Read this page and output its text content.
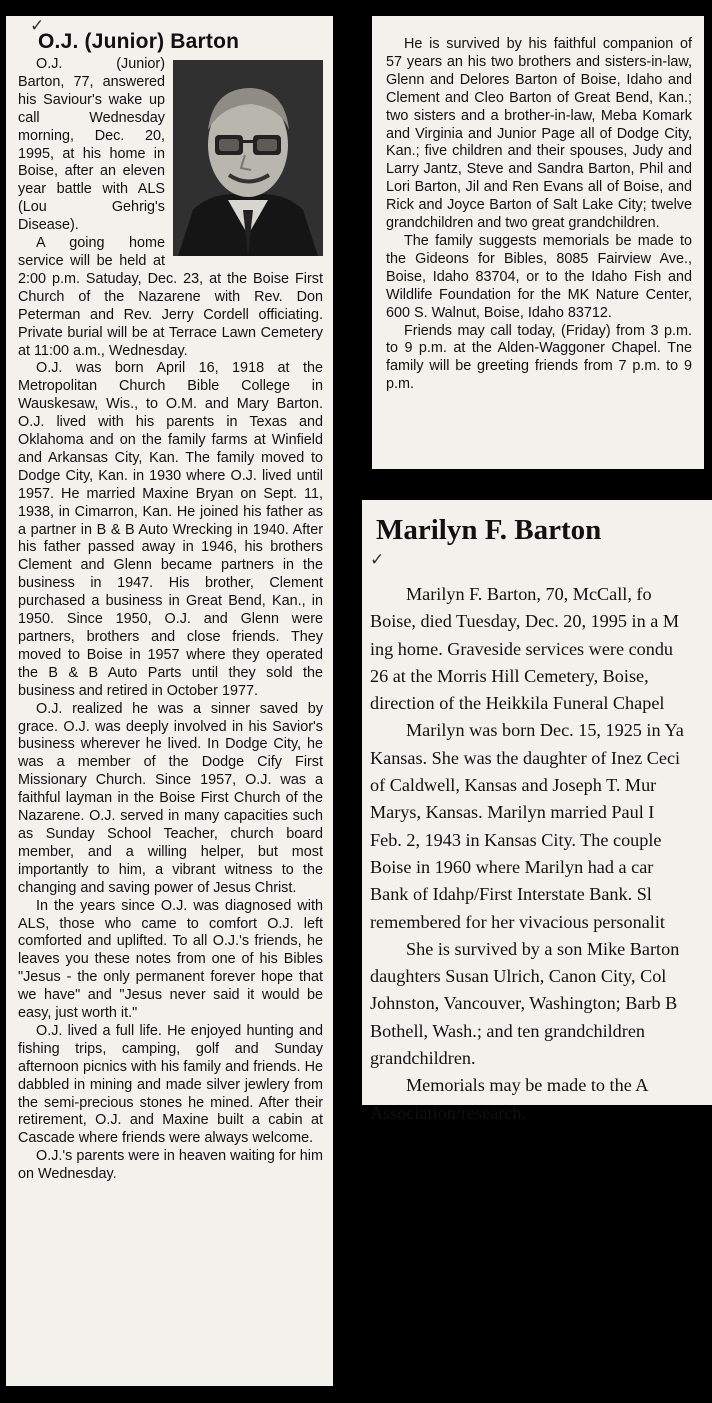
✓
O.J. (Junior) Barton

O.J. (Junior) Barton, 77, answered his Saviour's wake up call Wednesday morning, Dec. 20, 1995, at his home in Boise, after an eleven year battle with ALS (Lou Gehrig's Disease).

A going home service will be held at 2:00 p.m. Satuday, Dec. 23, at the Boise First Church of the Nazarene with Rev. Don Peterman and Rev. Jerry Cordell officiating. Private burial will be at Terrace Lawn Cemetery at 11:00 a.m., Wednesday.

O.J. was born April 16, 1918 at the Metropolitan Church Bible College in Wauskesaw, Wis., to O.M. and Mary Barton. O.J. lived with his parents in Texas and Oklahoma and on the family farms at Winfield and Arkansas City, Kan. The family moved to Dodge City, Kan. in 1930 where O.J. lived until 1957. He married Maxine Bryan on Sept. 11, 1938, in Cimarron, Kan. He joined his father as a partner in B & B Auto Wrecking in 1940. After his father passed away in 1946, his brothers Clement and Glenn became partners in the business in 1947. His brother, Clement purchased a business in Great Bend, Kan., in 1950. Since 1950, O.J. and Glenn were partners, brothers and close friends. They moved to Boise in 1957 where they operated the B & B Auto Parts until they sold the business and retired in October 1977.

O.J. realized he was a sinner saved by grace. O.J. was deeply involved in his Savior's business wherever he lived. In Dodge City, he was a member of the Dodge Cify First Missionary Church. Since 1957, O.J. was a faithful layman in the Boise First Church of the Nazarene. O.J. served in many capacities such as Sunday School Teacher, church board member, and a willing helper, but most importantly to him, a vibrant witness to the changing and saving power of Jesus Christ.

In the years since O.J. was diagnosed with ALS, those who came to comfort O.J. left comforted and uplifted. To all O.J.'s friends, he leaves you these notes from one of his Bibles "Jesus - the only permanent forever hope that we have" and "Jesus never said it would be easy, just worth it."

O.J. lived a full life. He enjoyed hunting and fishing trips, camping, golf and Sunday afternoon picnics with his family and friends. He dabbled in mining and made silver jewlery from the semi-precious stones he mined. After their retirement, O.J. and Maxine built a cabin at Cascade where friends were always welcome.

O.J.'s parents were in heaven waiting for him on Wednesday.

He is survived by his faithful companion of 57 years an his two brothers and sisters-in-law, Glenn and Delores Barton of Boise, Idaho and Clement and Cleo Barton of Great Bend, Kan.; two sisters and a brother-in-law, Meba Komark and Virginia and Junior Page all of Dodge City, Kan.; five children and their spouses, Judy and Larry Jantz, Steve and Sandra Barton, Phil and Lori Barton, Jil and Ren Evans all of Boise, and Rick and Joyce Barton of Salt Lake City; twelve grandchildren and two great grandchildren.

The family suggests memorials be made to the Gideons for Bibles, 8085 Fairview Ave., Boise, Idaho 83704, or to the Idaho Fish and Wildlife Foundation for the MK Nature Center, 600 S. Walnut, Boise, Idaho 83712.

Friends may call today, (Friday) from 3 p.m. to 9 p.m. at the Alden-Waggoner Chapel. Tne family will be greeting friends from 7 p.m. to 9 p.m.

Marilyn F. Barton
✓

Marilyn F. Barton, 70, McCall, fo

Boise, died Tuesday, Dec. 20, 1995 in a M

ing home. Graveside services were condu

26 at the Morris Hill Cemetery, Boise,

direction of the Heikkila Funeral Chapel

Marilyn was born Dec. 15, 1925 in Ya

Kansas. She was the daughter of Inez Ceci

of Caldwell, Kansas and Joseph T. Mur

Marys, Kansas. Marilyn married Paul I

Feb. 2, 1943 in Kansas City. The couple

Boise in 1960 where Marilyn had a car

Bank of Idahp/First Interstate Bank. Sl

remembered for her vivacious personalit

She is survived by a son Mike Barton

daughters Susan Ulrich, Canon City, Col

Johnston, Vancouver, Washington; Barb B

Bothell, Wash.; and ten grandchildren

grandchildren.

Memorials may be made to the A

Association/research.
